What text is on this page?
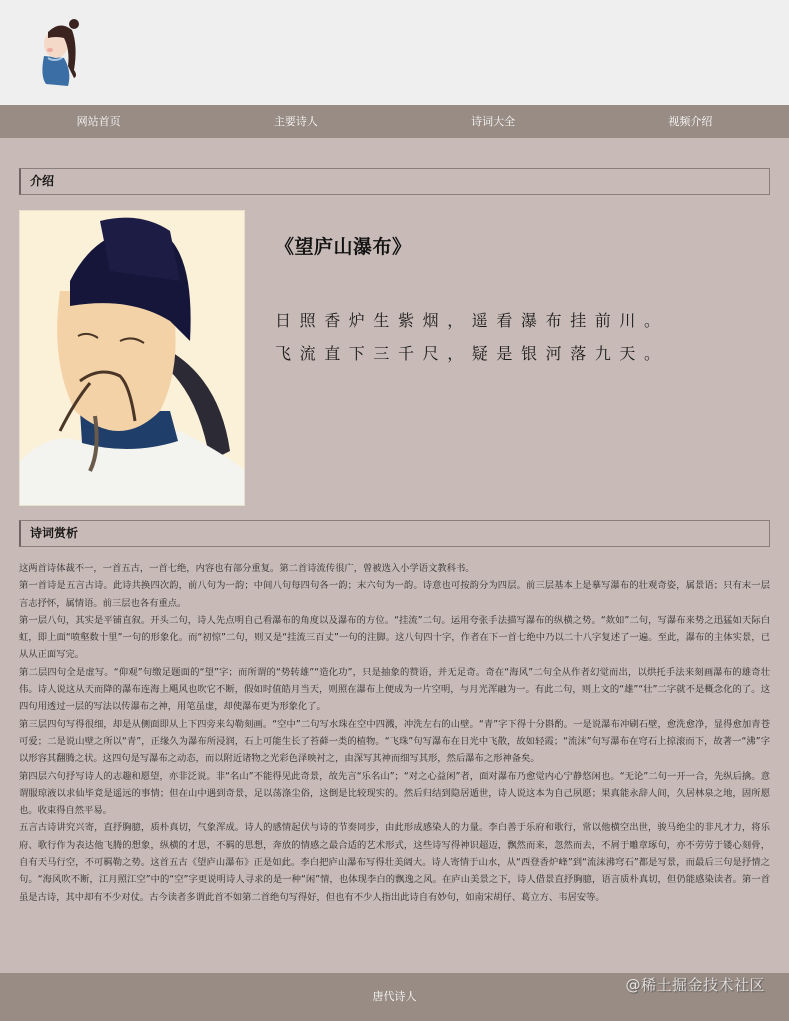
网站首页	主要诗人	诗词大全	视频介绍
介绍
《望庐山瀑布》
日照香炉生紫烟，遥看瀑布挂前川。
飞流直下三千尺，疑是银河落九天。
诗词赏析

这两首诗体裁不一，一首五古，一首七绝，内容也有部分重复。第二首诗流传很广，曾被选入小学语文教科书。

第一首诗是五言古诗。此诗共换四次韵，前八句为一韵；中间八句每四句各一韵；末六句为一韵。诗意也可按韵分为四层。前三层基本上是摹写瀑布的壮观奇姿，属景语；只有末一层言志抒怀，属情语。前三层也各有重点。

第一层八句，其实是平铺直叙。开头二句，诗人先点明自己看瀑布的角度以及瀑布的方位。“挂流”二句。运用夸张手法描写瀑布的纵横之势。“欻如”二句，写瀑布来势之迅猛如天际白虹，即上面“喷壑数十里”一句的形象化。而“初惊”二句，则又是“挂流三百丈”一句的注脚。这八句四十字，作者在下一首七绝中乃以二十八字复述了一遍。至此，瀑布的主体实景，已从从正面写完。

第二层四句全是虚写。“仰观”句缴足题面的“望”字；而所谓的“势转雄”“造化功”，只是抽象的赞语，并无足奇。奇在“海风”二句全从作者幻觉而出，以烘托手法来刻画瀑布的雄奇壮伟。诗人说这从天而降的瀑布连海上飓风也吹它不断，假如时值皓月当天，则照在瀑布上便成为一片空明，与月光浑融为一。有此二句，则上文的“雄”“壮”二字就不是概念化的了。这四句用透过一层的写法以传瀑布之神，用笔虽虚，却使瀑布更为形象化了。

第三层四句写得很细，却是从侧面即从上下四旁来勾勒刻画。“空中”二句写水珠在空中四溅，冲洗左右的山壁。“青”字下得十分斟酌。一是说瀑布冲刷石壁，愈洗愈净，显得愈加青苍可爱；二是说山壁之所以“青”，正缘久为瀑布所浸润，石上可能生长了苔藓一类的植物。“飞珠”句写瀑布在日光中飞散，故如轻霞；“流沫”句写瀑布在穹石上掠滚而下，故著一“沸”字以形容其翻腾之状。这四句是写瀑布之动态，而以附近诸物之光彩色泽映衬之，由深写其神而细写其形，然后瀑布之形神备矣。

第四层六句抒写诗人的志趣和愿望，亦非泛说。非“名山”不能得见此奇景，故先言“乐名山”；“对之心益闲”者，面对瀑布乃愈觉内心宁静悠闲也。“无论”二句一开一合，先纵后擒。意谓服琼液以求仙毕竟是遥远的事情；但在山中遇到奇景，足以荡涤尘俗，这倒是比较现实的。然后归结到隐居遁世，诗人说这本为自己夙愿；果真能永辞人间，久居林泉之地，固所愿也。收束得自然平易。

五言古诗讲究兴寄，直抒胸臆，质朴真切，气象浑成。诗人的感情起伏与诗的节奏同步，由此形成感染人的力量。李白善于乐府和歌行，常以他横空出世，骏马绝尘的非凡才力，将乐府、歌行作为表达他飞腾的想象，纵横的才思，不羁的思想，奔放的情感之最合适的艺术形式，这些诗写得神识超迈，飘然而来，忽然而去，不屑于雕章琢句，亦不劳劳于镂心刻骨，自有天马行空，不可羁勒之势。这首五古《望庐山瀑布》正是如此。李白把庐山瀑布写得壮美阔大。诗人寄情于山水，从“西登香炉峰”到“流沫沸穹石”都是写景，而最后三句是抒情之句。“海风吹不断，江月照江空”中的“空”字更说明诗人寻求的是一种“闲”情，也体现李白的飘逸之风。在庐山美景之下，诗人借景直抒胸臆，语言质朴真切，但仍能感染读者。第一首虽是古诗，其中却有不少对仗。古今读者多谓此首不如第二首绝句写得好，但也有不少人指出此诗自有妙句，如南宋胡仔、葛立方、韦居安等。

唐代诗人
@稀土掘金技术社区
